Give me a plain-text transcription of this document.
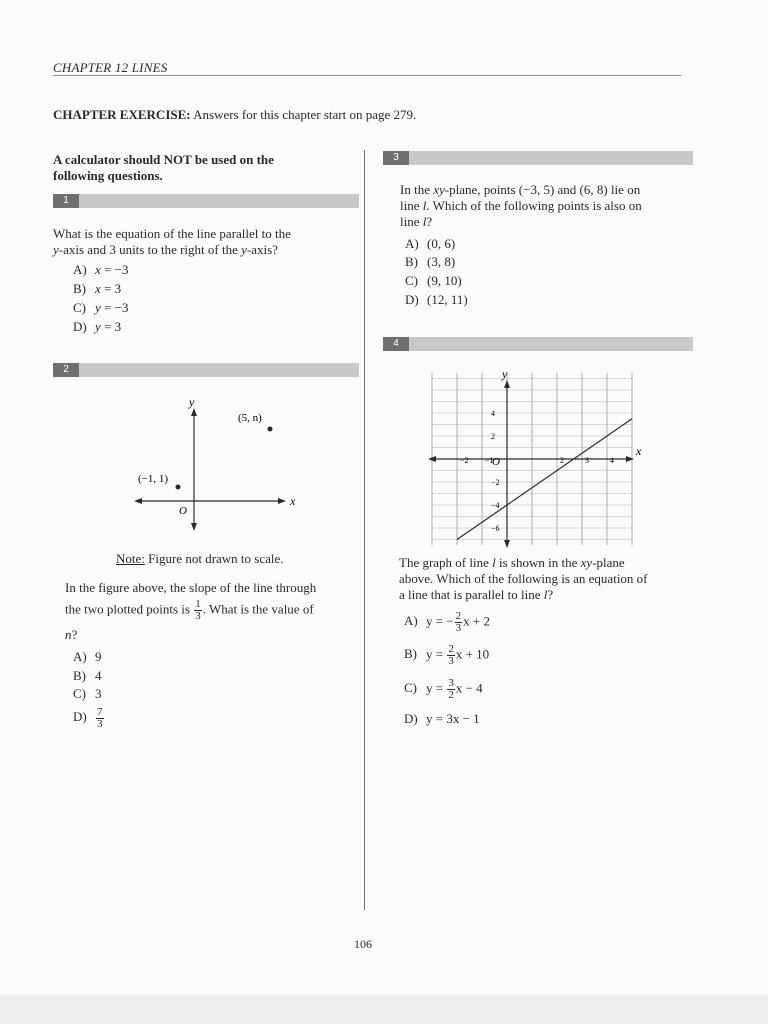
CHAPTER 12 LINES
CHAPTER EXERCISE: Answers for this chapter start on page 279.
A calculator should NOT be used on the following questions.
1
What is the equation of the line parallel to the
y-axis and 3 units to the right of the y-axis?
A) x = −3
B) x = 3
C) y = −3
D) y = 3
2
y
x
O
(−1, 1)
(5, n)
Note: Figure not drawn to scale.
In the figure above, the slope of the line through
the two plotted points is $\frac{1}{3}$ . What is the value of
n?
A) 9
B) 4
C) 3
$D) \frac{7}{3}$
3
In the xy-plane, points (−3, 5) and (6, 8) lie on
line l. Which of the following points is also on
line l?
A) (0, 6)
B) (3, 8)
C) (9, 10)
D) (12, 11)
4
x
y
O
−2 −1	2	3	4
4
2
−2
−4
−6
The graph of line l is shown in the xy-plane
above. Which of the following is an equation of
a line that is parallel to line l?
A) y = − $\frac{2}{3}$ x + 2
B) $y = \frac{2}{3}$ x + 10
C) $y = \frac{3}{2}$ x − 4
D) y = 3x − 1
106
